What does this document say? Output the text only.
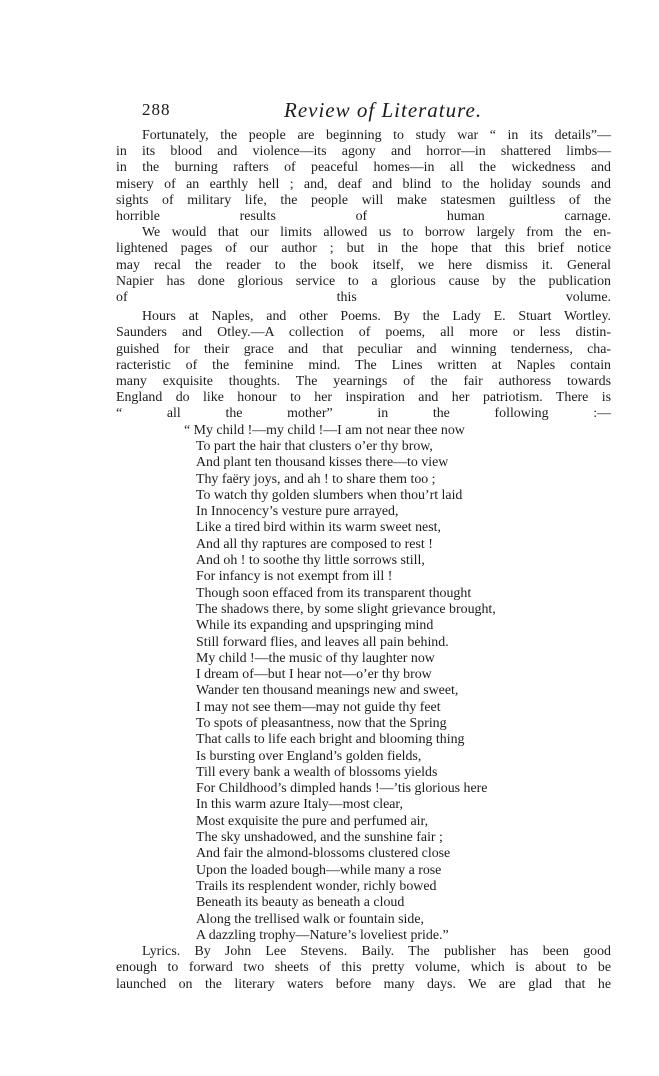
288	Review of Literature.

Fortunately, the people are beginning to study war “ in its details”—
in its blood and violence—its agony and horror—in shattered limbs—
in the burning rafters of peaceful homes—in all the wickedness and
misery of an earthly hell ; and, deaf and blind to the holiday sounds and
sights of military life, the people will make statesmen guiltless of the
horrible results of human carnage.

We would that our limits allowed us to borrow largely from the en-
lightened pages of our author ; but in the hope that this brief notice
may recal the reader to the book itself, we here dismiss it. General
Napier has done glorious service to a glorious cause by the publication
of this volume.

Hours at Naples, and other Poems. By the Lady E. Stuart Wortley.
Saunders and Otley.—A collection of poems, all more or less distin-
guished for their grace and that peculiar and winning tenderness, cha-
racteristic of the feminine mind. The Lines written at Naples contain
many exquisite thoughts. The yearnings of the fair authoress towards
England do like honour to her inspiration and her patriotism. There is
“ all the mother” in the following :—

“ My child !—my child !—I am not near thee now
To part the hair that clusters o’er thy brow,
And plant ten thousand kisses there—to view
Thy faëry joys, and ah ! to share them too ;
To watch thy golden slumbers when thou’rt laid
In Innocency’s vesture pure arrayed,
Like a tired bird within its warm sweet nest,
And all thy raptures are composed to rest !
And oh ! to soothe thy little sorrows still,
For infancy is not exempt from ill !
Though soon effaced from its transparent thought
The shadows there, by some slight grievance brought,
While its expanding and upspringing mind
Still forward flies, and leaves all pain behind.
My child !—the music of thy laughter now
I dream of—but I hear not—o’er thy brow
Wander ten thousand meanings new and sweet,
I may not see them—may not guide thy feet
To spots of pleasantness, now that the Spring
That calls to life each bright and blooming thing
Is bursting over England’s golden fields,
Till every bank a wealth of blossoms yields
For Childhood’s dimpled hands !—’tis glorious here
In this warm azure Italy—most clear,
Most exquisite the pure and perfumed air,
The sky unshadowed, and the sunshine fair ;
And fair the almond-blossoms clustered close
Upon the loaded bough—while many a rose
Trails its resplendent wonder, richly bowed
Beneath its beauty as beneath a cloud
Along the trellised walk or fountain side,
A dazzling trophy—Nature’s loveliest pride.”

Lyrics. By John Lee Stevens. Baily. The publisher has been good
enough to forward two sheets of this pretty volume, which is about to be
launched on the literary waters before many days. We are glad that he
